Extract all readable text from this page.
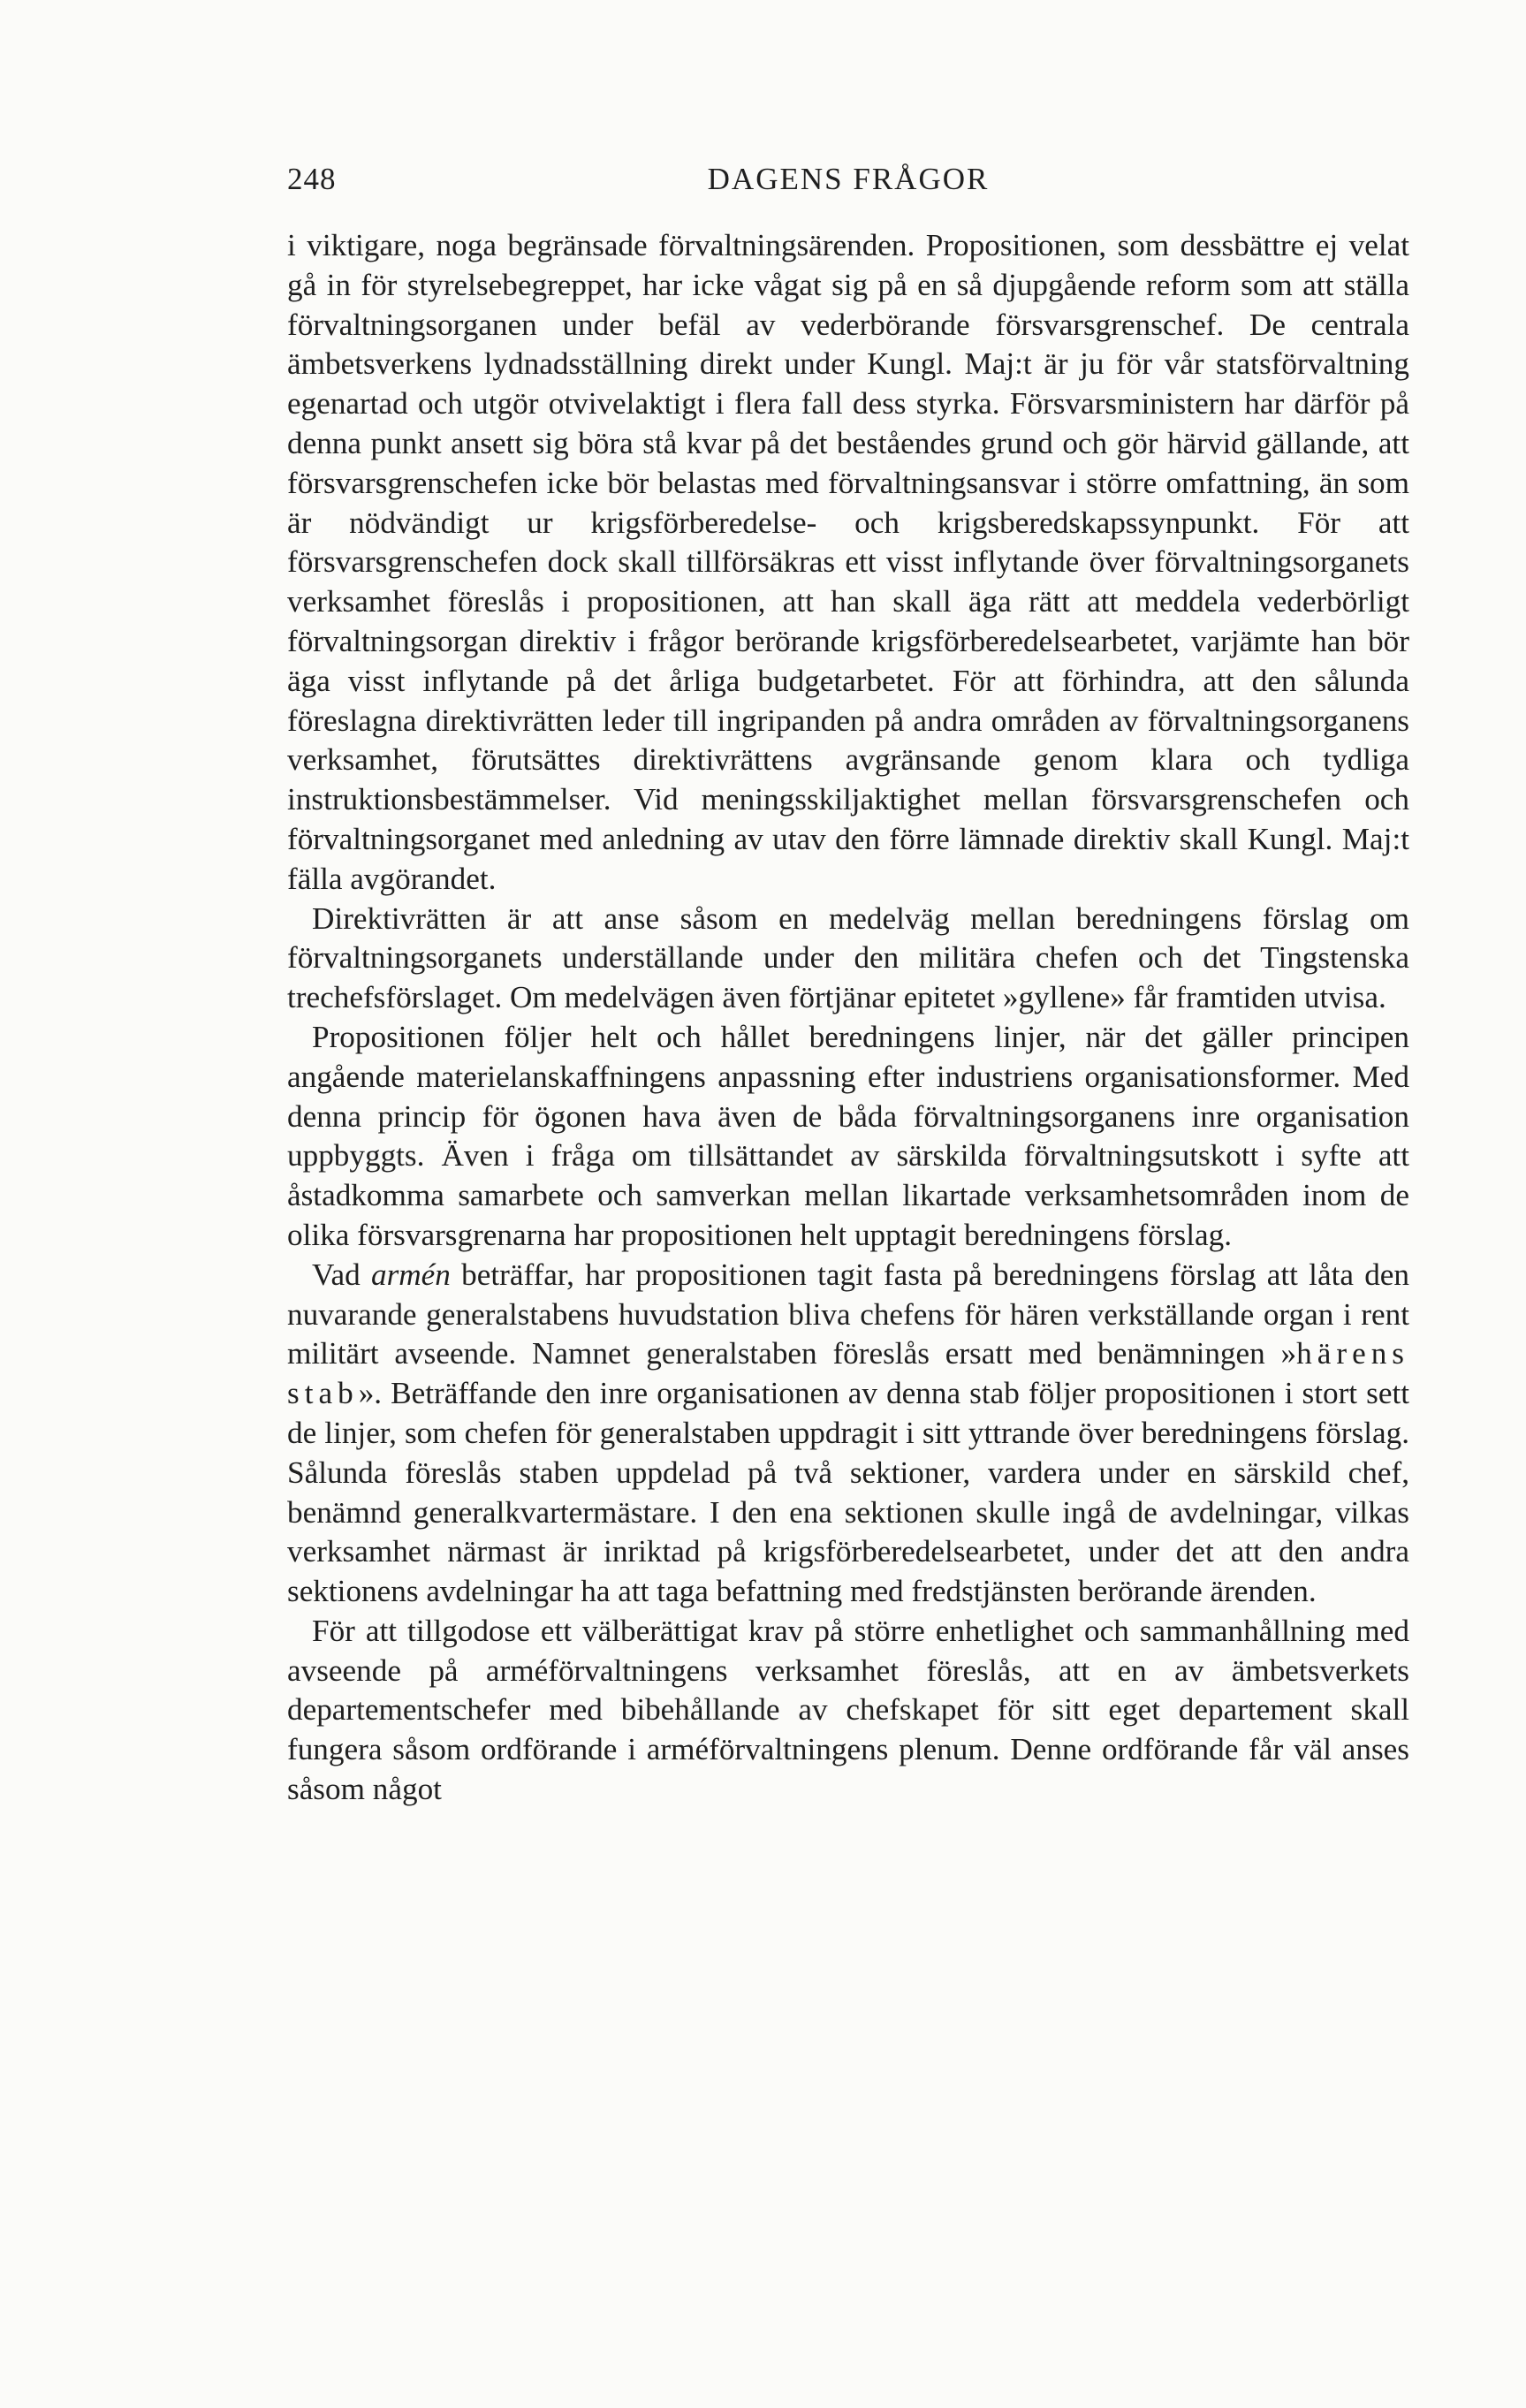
248	DAGENS FRÅGOR

i viktigare, noga begränsade förvaltningsärenden. Propositionen, som dessbättre ej velat gå in för styrelsebegreppet, har icke vågat sig på en så djupgående reform som att ställa förvaltningsorganen under befäl av vederbörande försvarsgrenschef. De centrala ämbetsverkens lydnadsställning direkt under Kungl. Maj:t är ju för vår statsförvaltning egenartad och utgör otvivelaktigt i flera fall dess styrka. Försvarsministern har därför på denna punkt ansett sig böra stå kvar på det beståendes grund och gör härvid gällande, att försvarsgrenschefen icke bör belastas med förvaltningsansvar i större omfattning, än som är nödvändigt ur krigsförberedelse- och krigsberedskapssynpunkt. För att försvarsgrenschefen dock skall tillförsäkras ett visst inflytande över förvaltningsorganets verksamhet föreslås i propositionen, att han skall äga rätt att meddela vederbörligt förvaltningsorgan direktiv i frågor berörande krigsförberedelsearbetet, varjämte han bör äga visst inflytande på det årliga budgetarbetet. För att förhindra, att den sålunda föreslagna direktivrätten leder till ingripanden på andra områden av förvaltningsorganens verksamhet, förutsättes direktivrättens avgränsande genom klara och tydliga instruktionsbestämmelser. Vid meningsskiljaktighet mellan försvarsgrenschefen och förvaltningsorganet med anledning av utav den förre lämnade direktiv skall Kungl. Maj:t fälla avgörandet.

Direktivrätten är att anse såsom en medelväg mellan beredningens förslag om förvaltningsorganets underställande under den militära chefen och det Tingstenska trechefsförslaget. Om medelvägen även förtjänar epitetet »gyllene» får framtiden utvisa.

Propositionen följer helt och hållet beredningens linjer, när det gäller principen angående materielanskaffningens anpassning efter industriens organisationsformer. Med denna princip för ögonen hava även de båda förvaltningsorganens inre organisation uppbyggts. Även i fråga om tillsättandet av särskilda förvaltningsutskott i syfte att åstadkomma samarbete och samverkan mellan likartade verksamhetsområden inom de olika försvarsgrenarna har propositionen helt upptagit beredningens förslag.

Vad armén beträffar, har propositionen tagit fasta på beredningens förslag att låta den nuvarande generalstabens huvudstation bliva chefens för hären verkställande organ i rent militärt avseende. Namnet generalstaben föreslås ersatt med benämningen »härens stab». Beträffande den inre organisationen av denna stab följer propositionen i stort sett de linjer, som chefen för generalstaben uppdragit i sitt yttrande över beredningens förslag. Sålunda föreslås staben uppdelad på två sektioner, vardera under en särskild chef, benämnd generalkvartermästare. I den ena sektionen skulle ingå de avdelningar, vilkas verksamhet närmast är inriktad på krigsförberedelsearbetet, under det att den andra sektionens avdelningar ha att taga befattning med fredstjänsten berörande ärenden.

För att tillgodose ett välberättigat krav på större enhetlighet och sammanhållning med avseende på arméförvaltningens verksamhet föreslås, att en av ämbetsverkets departementschefer med bibehållande av chefskapet för sitt eget departement skall fungera såsom ordförande i arméförvaltningens plenum. Denne ordförande får väl anses såsom något
